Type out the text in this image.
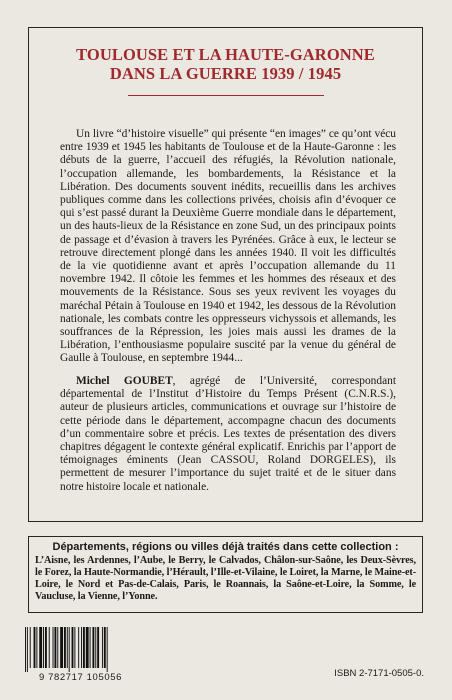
TOULOUSE ET LA HAUTE-GARONNE
DANS LA GUERRE 1939 / 1945

Un livre “d’histoire visuelle” qui présente “en images” ce qu’ont vécu entre 1939 et 1945 les habitants de Toulouse et de la Haute-Garonne : les débuts de la guerre, l’accueil des réfugiés, la Révolution nationale, l’occupation allemande, les bombardements, la Résistance et la Libération. Des documents souvent inédits, recueillis dans les archives publiques comme dans les collections privées, choisis afin d’évoquer ce qui s’est passé durant la Deuxième Guerre mondiale dans le département, un des hauts-lieux de la Résistance en zone Sud, un des principaux points de passage et d’évasion à travers les Pyrénées. Grâce à eux, le lecteur se retrouve directement plongé dans les années 1940. Il voit les difficultés de la vie quotidienne avant et après l’occupation allemande du 11 novembre 1942. Il côtoie les femmes et les hommes des réseaux et des mouvements de la Résistance. Sous ses yeux revivent les voyages du maréchal Pétain à Toulouse en 1940 et 1942, les dessous de la Révolution nationale, les combats contre les oppresseurs vichyssois et allemands, les souffrances de la Répression, les joies mais aussi les drames de la Libération, l’enthousiasme populaire suscité par la venue du général de Gaulle à Toulouse, en septembre 1944...

Michel GOUBET, agrégé de l’Université, correspondant départemental de l’Institut d’Histoire du Temps Présent (C.N.R.S.), auteur de plusieurs articles, communications et ouvrage sur l’histoire de cette période dans le département, accompagne chacun des documents d’un commentaire sobre et précis. Les textes de présentation des divers chapitres dégagent le contexte général explicatif. Enrichis par l’apport de témoignages éminents (Jean CASSOU, Roland DORGELES), ils permettent de mesurer l’importance du sujet traité et de le situer dans notre histoire locale et nationale.

Départements, régions ou villes déjà traités dans cette collection :
L’Aisne, les Ardennes, l’Aube, le Berry, le Calvados, Châlon-sur-Saône, les Deux-Sèvres, le Forez, la Haute-Normandie, l’Hérault, l’Ille-et-Vilaine, le Loiret, la Marne, le Maine-et-Loire, le Nord et Pas-de-Calais, Paris, le Roannais, la Saône-et-Loire, la Somme, le Vaucluse, la Vienne, l’Yonne.
9 782717 105056	ISBN 2-7171-0505-0.
